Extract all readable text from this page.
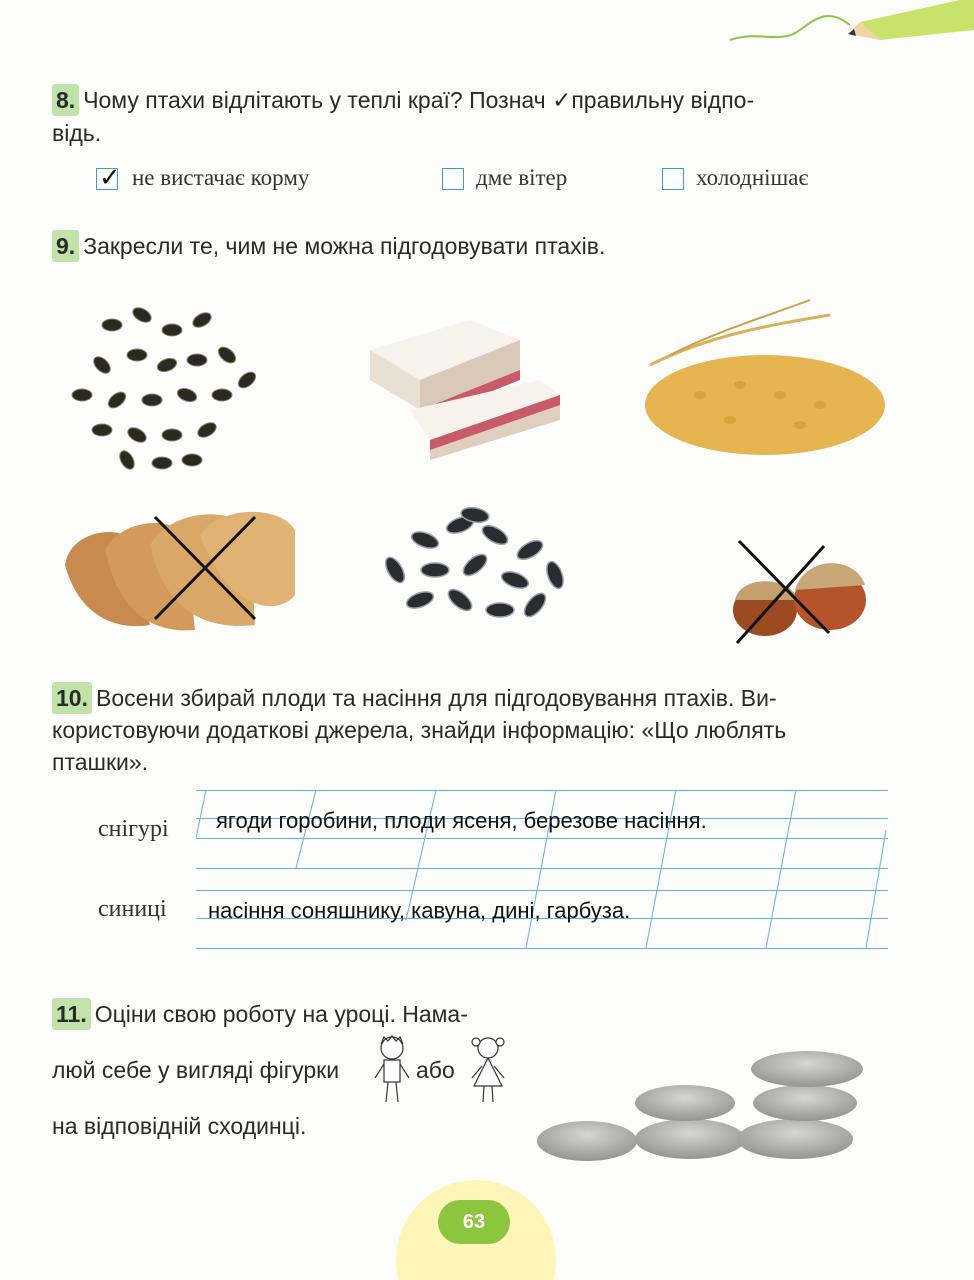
8. Чому птахи відлітають у теплі краї? Познач ✓правильну відпо-
відь.
✓ не вистачає корму	дме вітер	холоднішає
9. Закресли те, чим не можна підгодовувати птахів.
10. Восени збирай плоди та насіння для підгодовування птахів. Ви-
користовуючи додаткові джерела, знайди інформацію: «Що люблять
пташки».
снігурі ягоди горобини, плоди ясеня, березове насіння.
синиці насіння соняшнику, кавуна, дині, гарбуза.
11. Оціни свою роботу на уроці. Нама-
люй себе у вигляді фігурки	або
на відповідній сходинці.
63
